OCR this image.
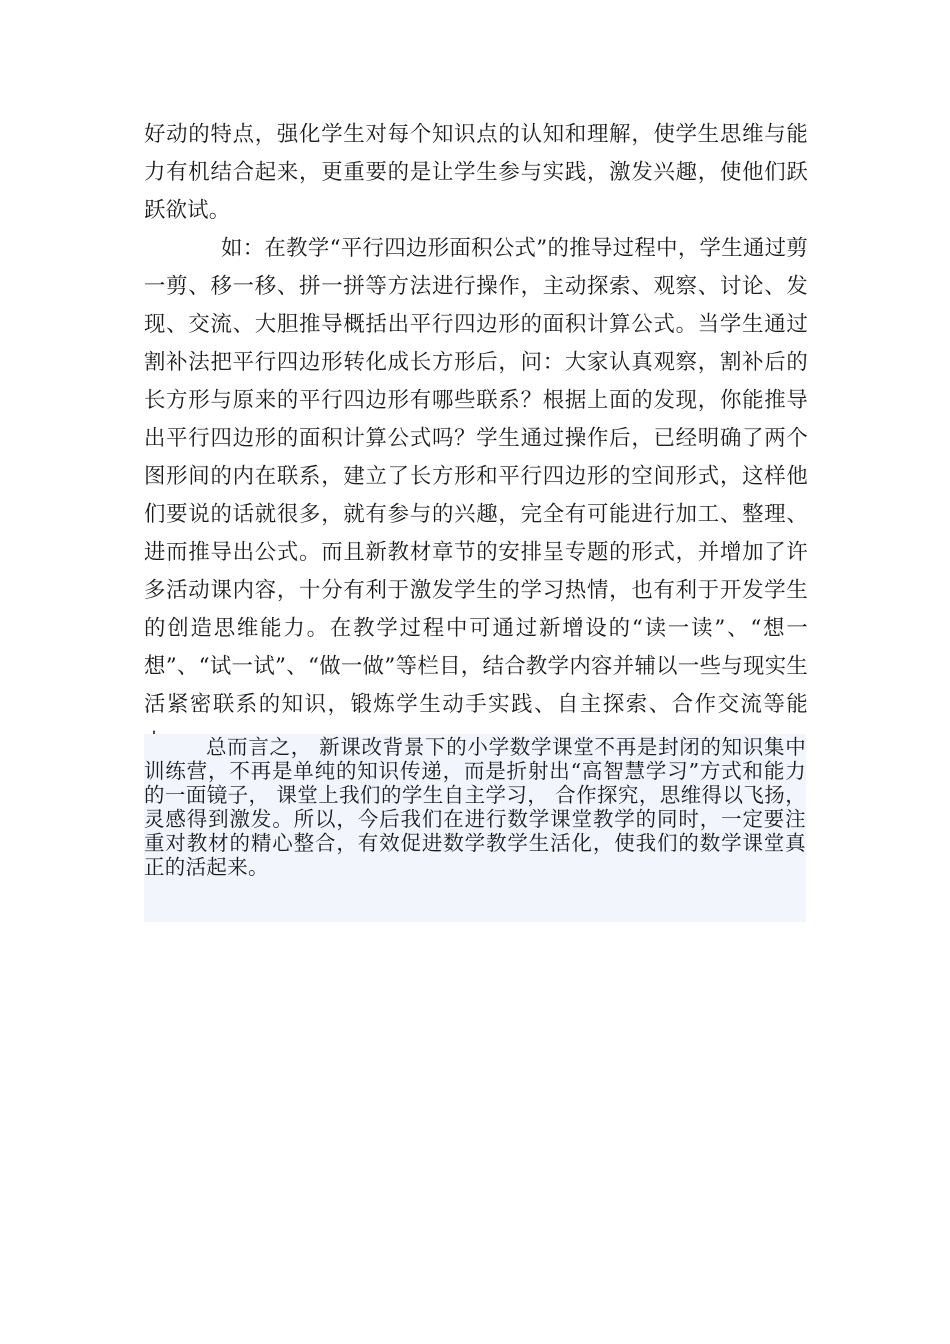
好动的特点，强化学生对每个知识点的认知和理解，使学生思维与能力有机结合起来，更重要的是让学生参与实践，激发兴趣，使他们跃跃欲试。

如：在教学“平行四边形面积公式”的推导过程中，学生通过剪一剪、移一移、拼一拼等方法进行操作，主动探索、观察、讨论、发现、交流、大胆推导概括出平行四边形的面积计算公式。当学生通过割补法把平行四边形转化成长方形后，问：大家认真观察，割补后的长方形与原来的平行四边形有哪些联系？根据上面的发现，你能推导出平行四边形的面积计算公式吗？学生通过操作后，已经明确了两个图形间的内在联系，建立了长方形和平行四边形的空间形式，这样他们要说的话就很多，就有参与的兴趣，完全有可能进行加工、整理、进而推导出公式。而且新教材章节的安排呈专题的形式，并增加了许多活动课内容，十分有利于激发学生的学习热情，也有利于开发学生的创造思维能力。在教学过程中可通过新增设的“读一读”、“想一想”、“试一试”、“做一做”等栏目，结合教学内容并辅以一些与现实生活紧密联系的知识，锻炼学生动手实践、自主探索、合作交流等能

总而言之， 新课改背景下的小学数学课堂不再是封闭的知识集中训练营，不再是单纯的知识传递，而是折射出“高智慧学习”方式和能力的一面镜子， 课堂上我们的学生自主学习， 合作探究，思维得以飞扬，灵感得到激发。所以，今后我们在进行数学课堂教学的同时，一定要注重对教材的精心整合，有效促进数学教学生活化，使我们的数学课堂真正的活起来。
